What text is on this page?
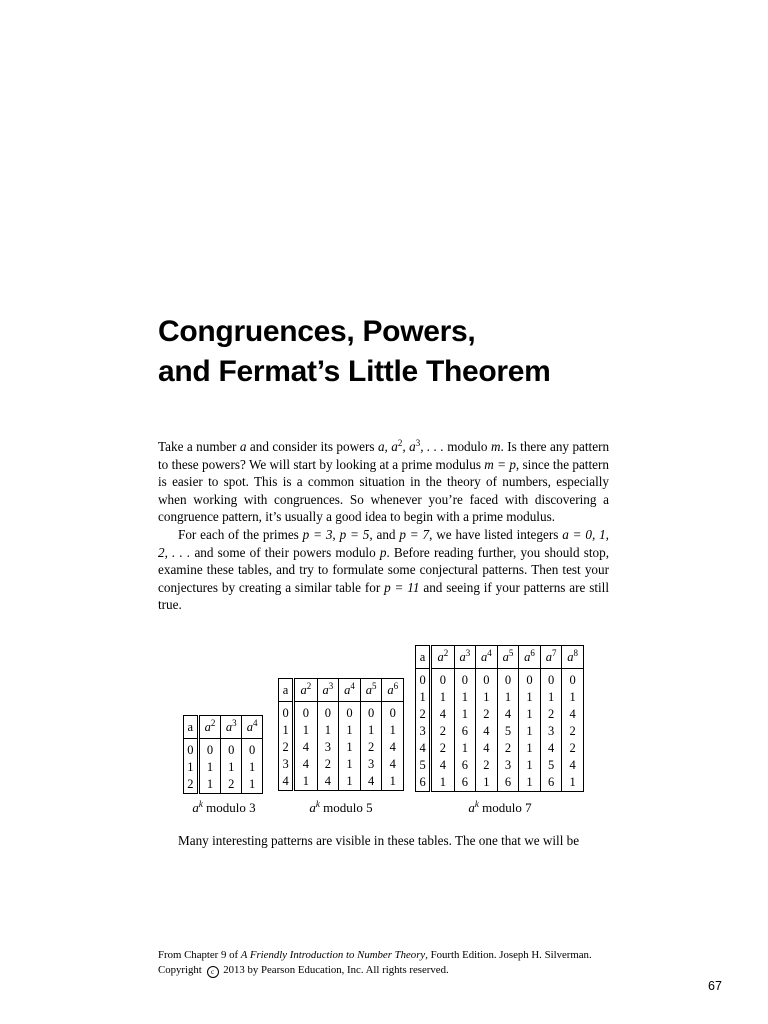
Congruences, Powers,
and Fermat’s Little Theorem

Take a number a and consider its powers a, $a^2$, $a^3$, . . . modulo m. Is there any pattern to these powers? We will start by looking at a prime modulus m = p, since the pattern is easier to spot. This is a common situation in the theory of numbers, especially when working with congruences. So whenever you’re faced with discovering a congruence pattern, it’s usually a good idea to begin with a prime modulus.

For each of the primes p = 3, p = 5, and p = 7, we have listed integers a = 0, 1, 2, . . . and some of their powers modulo p. Before reading further, you should stop, examine these tables, and try to formulate some conjectural patterns. Then test your conjectures by creating a similar table for p = 11 and seeing if your patterns are still true.

a	$a^2$	$a^3$	$a^4$
0	0	0	0
1	1	1	1
2	1	2	1
a	$a^2$	$a^3$	$a^4$	$a^5$	$a^6$
0	0	0	0	0	0
1	1	1	1	1	1
2	4	3	1	2	4
3	4	2	1	3	4
4	1	4	1	4	1
a	$a^2$	$a^3$	$a^4$	$a^5$	$a^6$	$a^7$	$a^8$
0	0	0	0	0	0	0	0
1	1	1	1	1	1	1	1
2	4	1	2	4	1	2	4
3	2	6	4	5	1	3	2
4	2	1	4	2	1	4	2
5	4	6	2	3	1	5	4
6	1	6	1	6	1	6	1
$a^k$ modulo 3	$a^k$ modulo 5	$a^k$ modulo 7
Many interesting patterns are visible in these tables. The one that we will be
From Chapter 9 of A Friendly Introduction to Number Theory, Fourth Edition. Joseph H. Silverman.
Copyright c 2013 by Pearson Education, Inc. All rights reserved.
67
